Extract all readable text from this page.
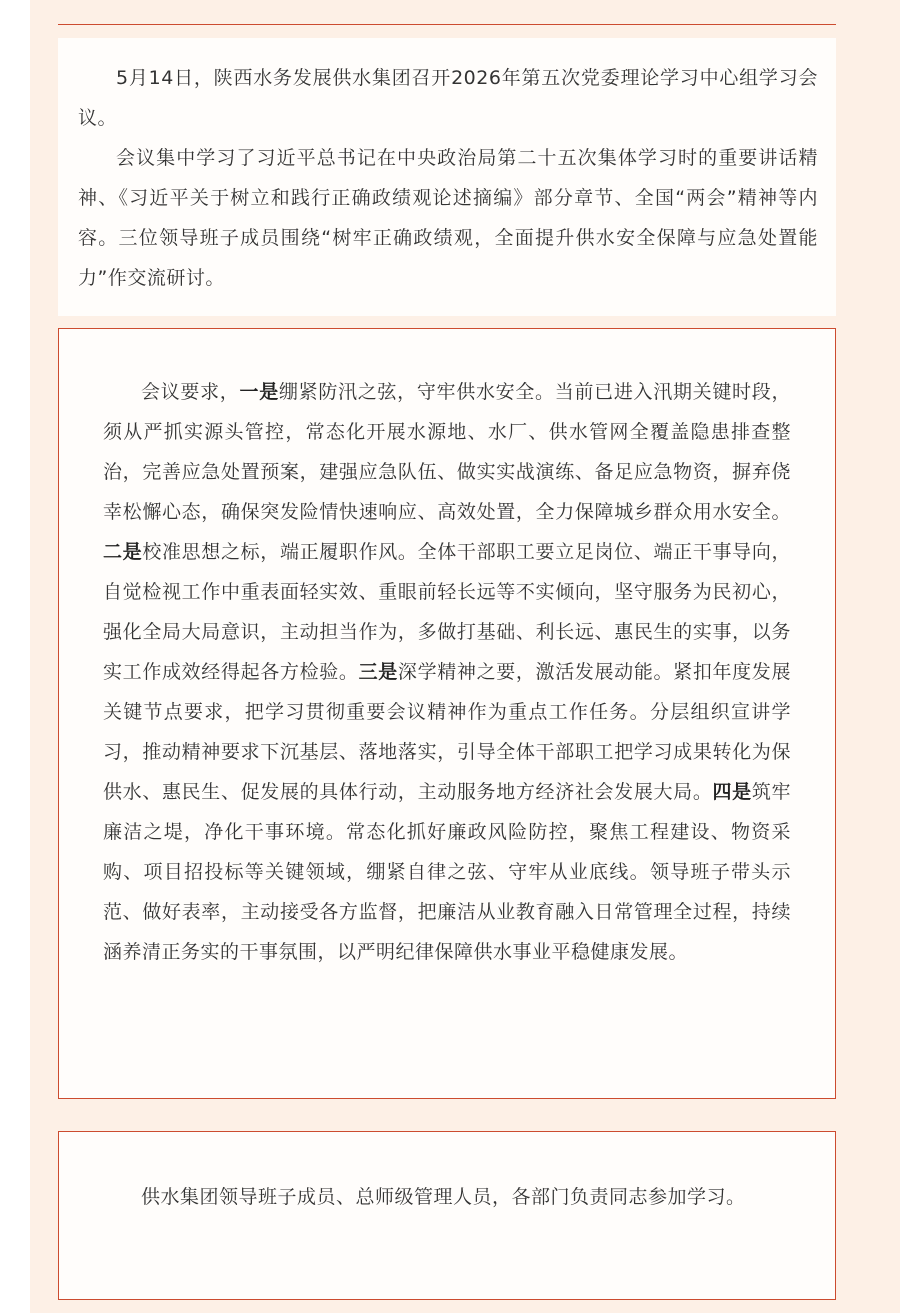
5月14日，陕西水务发展供水集团召开2026年第五次党委理论学习中心组学习会议。

会议集中学习了习近平总书记在中央政治局第二十五次集体学习时的重要讲话精神、《习近平关于树立和践行正确政绩观论述摘编》部分章节、全国“两会”精神等内容。三位领导班子成员围绕“树牢正确政绩观，全面提升供水安全保障与应急处置能力”作交流研讨。

会议要求，一是绷紧防汛之弦，守牢供水安全。当前已进入汛期关键时段，须从严抓实源头管控，常态化开展水源地、水厂、供水管网全覆盖隐患排查整治，完善应急处置预案，建强应急队伍、做实实战演练、备足应急物资，摒弃侥幸松懈心态，确保突发险情快速响应、高效处置，全力保障城乡群众用水安全。二是校准思想之标，端正履职作风。全体干部职工要立足岗位、端正干事导向，自觉检视工作中重表面轻实效、重眼前轻长远等不实倾向，坚守服务为民初心，强化全局大局意识，主动担当作为，多做打基础、利长远、惠民生的实事，以务实工作成效经得起各方检验。三是深学精神之要，激活发展动能。紧扣年度发展关键节点要求，把学习贯彻重要会议精神作为重点工作任务。分层组织宣讲学习，推动精神要求下沉基层、落地落实，引导全体干部职工把学习成果转化为保供水、惠民生、促发展的具体行动，主动服务地方经济社会发展大局。四是筑牢廉洁之堤，净化干事环境。常态化抓好廉政风险防控，聚焦工程建设、物资采购、项目招投标等关键领域，绷紧自律之弦、守牢从业底线。领导班子带头示范、做好表率，主动接受各方监督，把廉洁从业教育融入日常管理全过程，持续涵养清正务实的干事氛围，以严明纪律保障供水事业平稳健康发展。

供水集团领导班子成员、总师级管理人员，各部门负责同志参加学习。
